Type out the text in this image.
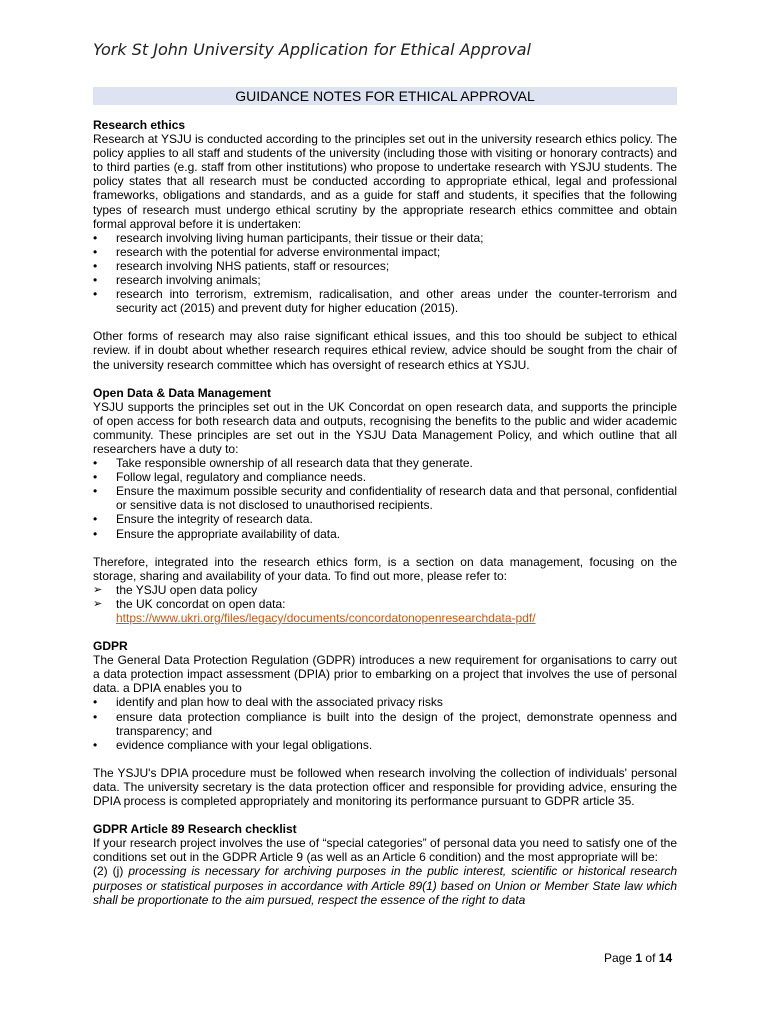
York St John University Application for Ethical Approval
GUIDANCE NOTES FOR ETHICAL APPROVAL
Research ethics

Research at YSJU is conducted according to the principles set out in the university research ethics policy. The policy applies to all staff and students of the university (including those with visiting or honorary contracts) and to third parties (e.g. staff from other institutions) who propose to undertake research with YSJU students. The policy states that all research must be conducted according to appropriate ethical, legal and professional frameworks, obligations and standards, and as a guide for staff and students, it specifies that the following types of research must undergo ethical scrutiny by the appropriate research ethics committee and obtain formal approval before it is undertaken:

• research involving living human participants, their tissue or their data;
• research with the potential for adverse environmental impact;
• research involving NHS patients, staff or resources;
• research involving animals;
• research into terrorism, extremism, radicalisation, and other areas under the counter-terrorism and security act (2015) and prevent duty for higher education (2015).

Other forms of research may also raise significant ethical issues, and this too should be subject to ethical review. if in doubt about whether research requires ethical review, advice should be sought from the chair of the university research committee which has oversight of research ethics at YSJU.

Open Data & Data Management

YSJU supports the principles set out in the UK Concordat on open research data, and supports the principle of open access for both research data and outputs, recognising the benefits to the public and wider academic community. These principles are set out in the YSJU Data Management Policy, and which outline that all researchers have a duty to:

• Take responsible ownership of all research data that they generate.
• Follow legal, regulatory and compliance needs.
• Ensure the maximum possible security and confidentiality of research data and that personal, confidential or sensitive data is not disclosed to unauthorised recipients.
• Ensure the integrity of research data.
• Ensure the appropriate availability of data.

Therefore, integrated into the research ethics form, is a section on data management, focusing on the storage, sharing and availability of your data. To find out more, please refer to:

➢ the YSJU open data policy
➢ the UK concordat on open data:
https://www.ukri.org/files/legacy/documents/concordatonopenresearchdata-pdf/
GDPR

The General Data Protection Regulation (GDPR) introduces a new requirement for organisations to carry out a data protection impact assessment (DPIA) prior to embarking on a project that involves the use of personal data. a DPIA enables you to

• identify and plan how to deal with the associated privacy risks
• ensure data protection compliance is built into the design of the project, demonstrate openness and transparency; and
• evidence compliance with your legal obligations.

The YSJU's DPIA procedure must be followed when research involving the collection of individuals' personal data. The university secretary is the data protection officer and responsible for providing advice, ensuring the DPIA process is completed appropriately and monitoring its performance pursuant to GDPR article 35.

GDPR Article 89 Research checklist

If your research project involves the use of “special categories” of personal data you need to satisfy one of the conditions set out in the GDPR Article 9 (as well as an Article 6 condition) and the most appropriate will be:

(2) (j) processing is necessary for archiving purposes in the public interest, scientific or historical research purposes or statistical purposes in accordance with Article 89(1) based on Union or Member State law which shall be proportionate to the aim pursued, respect the essence of the right to data

Page 1 of 14
